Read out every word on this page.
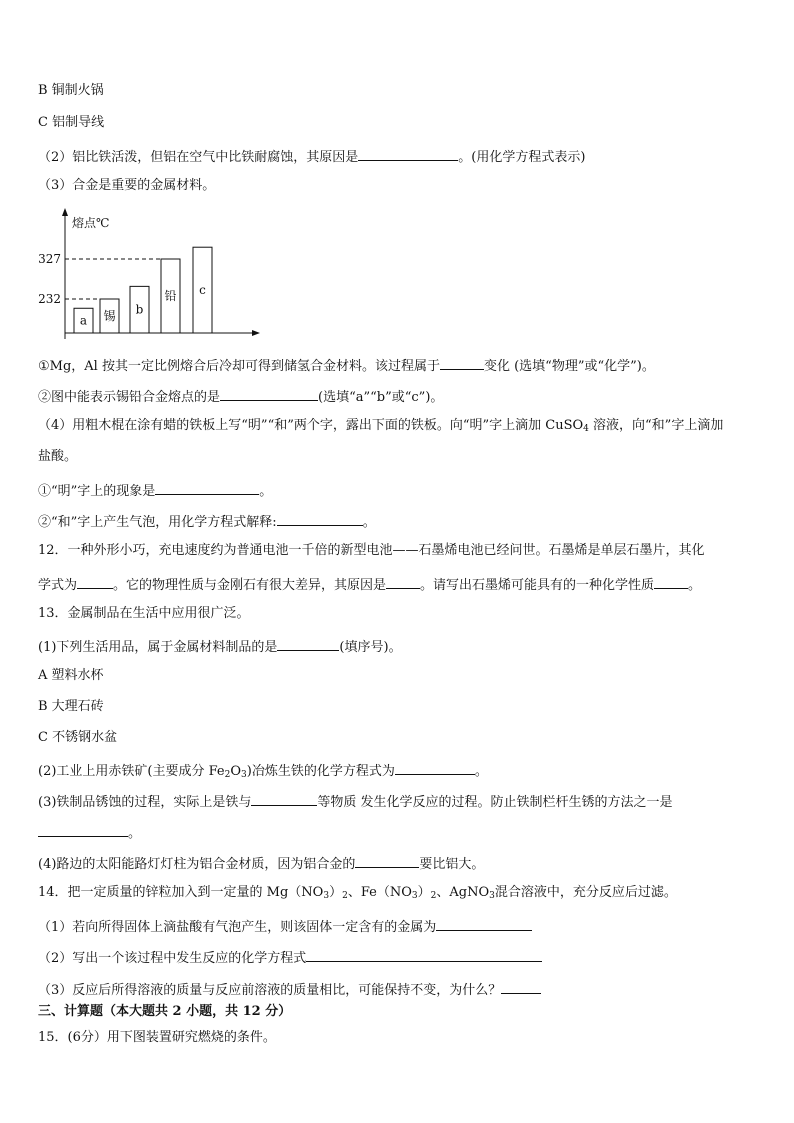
B 铜制火锅
C 铝制导线
（2）铝比铁活泼，但铝在空气中比铁耐腐蚀，其原因是	。(用化学方程式表示)
（3）合金是重要的金属材料。
熔点℃
327
232
a 锡 b
铅 c
①Mg，Al 按其一定比例熔合后冷却可得到储氢合金材料。该过程属于	变化 (选填“物理”或“化学”)。
②图中能表示锡铅合金熔点的是	(选填“a”“b”或“c”)。
（4）用粗木棍在涂有蜡的铁板上写“明”“和”两个字，露出下面的铁板。向“明”字上滴加 CuSO$_4$ 溶液，向“和”字上滴加
盐酸。
①“明”字上的现象是	。
②“和”字上产生气泡，用化学方程式解释:	。
12．一种外形小巧，充电速度约为普通电池一千倍的新型电池——石墨烯电池已经问世。石墨烯是单层石墨片，其化
学式为	。它的物理性质与金刚石有很大差异，其原因是	。请写出石墨烯可能具有的一种化学性质	。
13．金属制品在生活中应用很广泛。
(1)下列生活用品，属于金属材料制品的是	(填序号)。
A 塑料水杯
B 大理石砖
C 不锈钢水盆
(2)工业上用赤铁矿(主要成分 $Fe_2O_3$)冶炼生铁的化学方程式为	。
(3)铁制品锈蚀的过程，实际上是铁与	等物质 发生化学反应的过程。防止铁制栏杆生锈的方法之一是
。
(4)路边的太阳能路灯灯柱为铝合金材质，因为铝合金的	要比铝大。
14．把一定质量的锌粒加入到一定量的 $Mg(NO_3)_2$、$Fe(NO_3)_2$、AgNO$_3$混合溶液中，充分反应后过滤。
（1）若向所得固体上滴盐酸有气泡产生，则该固体一定含有的金属为
（2）写出一个该过程中发生反应的化学方程式
（3）反应后所得溶液的质量与反应前溶液的质量相比，可能保持不变，为什么？
三、计算题（本大题共 2 小题，共 12 分）
15．(6分）用下图装置研究燃烧的条件。
